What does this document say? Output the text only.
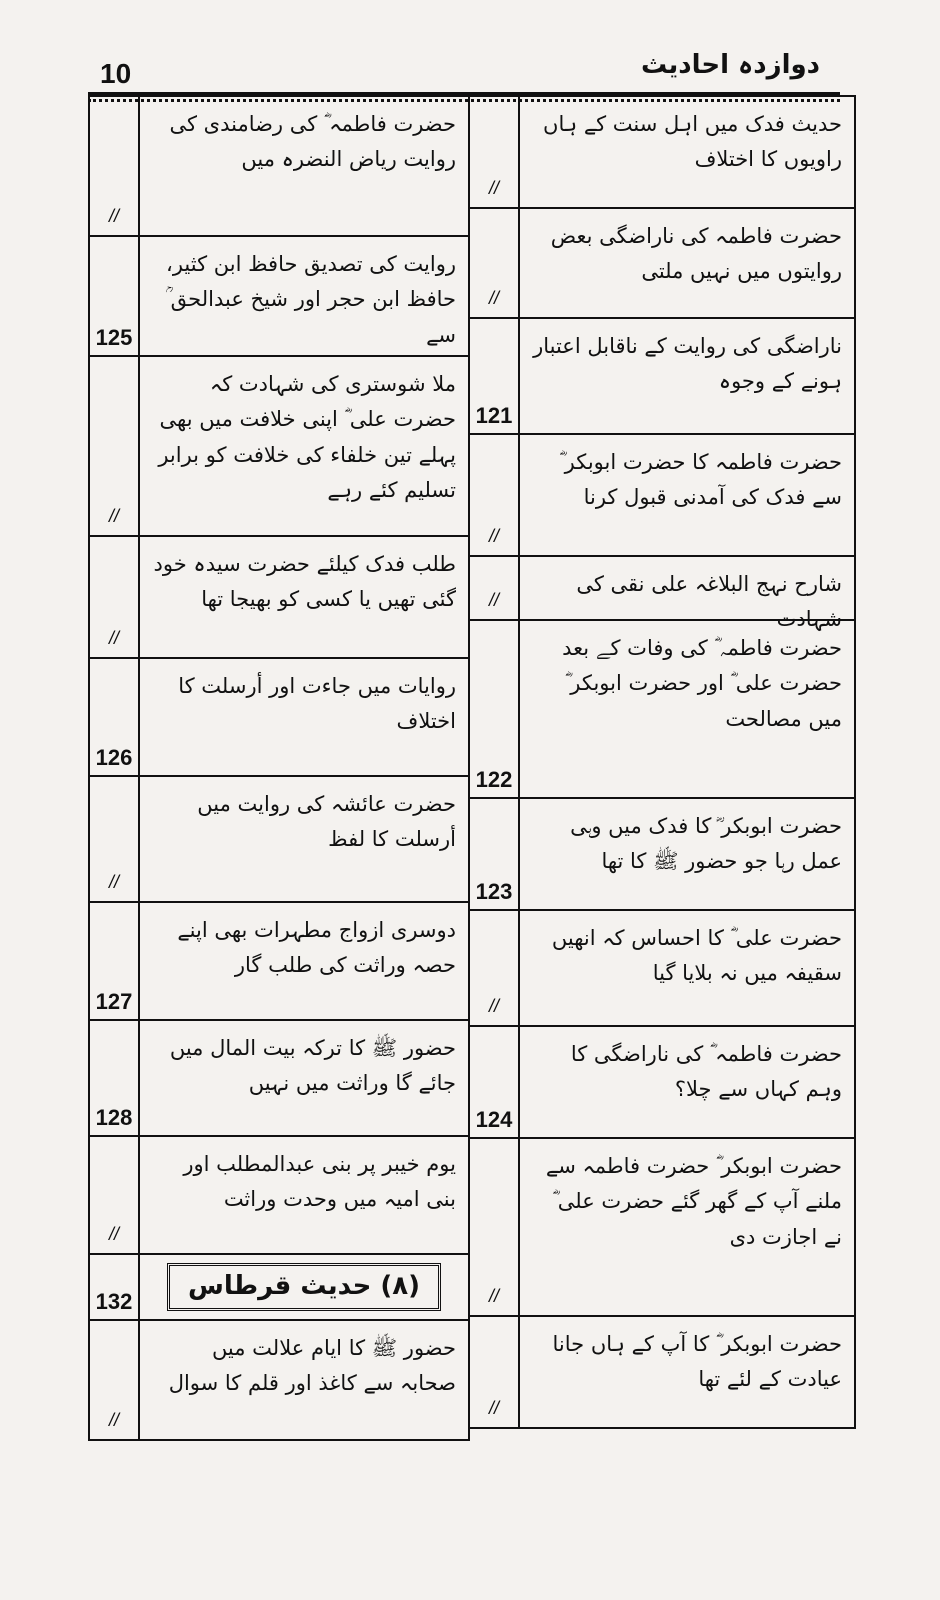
10	دوازدہ احادیث
//
حدیث فدک میں اہل سنت کے ہاں راویوں کا اختلاف
//
حضرت فاطمہ کی ناراضگی بعض روایتوں میں نہیں ملتی
121
ناراضگی کی روایت کے ناقابل اعتبار ہونے کے وجوہ
//
حضرت فاطمہ کا حضرت ابوبکر ؓ سے فدک کی آمدنی قبول کرنا
//
شارح نہج البلاغہ علی نقی کی شہادت
122
حضرت فاطمہ ؓ کی وفات کے بعد حضرت علی ؓ اور حضرت ابوبکر ؓ میں مصالحت
123
حضرت ابوبکر ؓ کا فدک میں وہی عمل رہا جو حضور ﷺ کا تھا
//
حضرت علی ؓ کا احساس کہ انھیں سقیفہ میں نہ بلایا گیا
124
حضرت فاطمہ ؓ کی ناراضگی کا وہم کہاں سے چلا؟
//
حضرت ابوبکر ؓ حضرت فاطمہ سے ملنے آپ کے گھر گئے حضرت علی ؓ نے اجازت دی
//
حضرت ابوبکر ؓ کا آپ کے ہاں جانا عیادت کے لئے تھا
//
حضرت فاطمہ ؓ کی رضامندی کی روایت ریاض النضرہ میں
125
روایت کی تصدیق حافظ ابن کثیر، حافظ ابن حجر اور شیخ عبدالحق ؒ سے
//
ملا شوستری کی شہادت کہ حضرت علی ؓ اپنی خلافت میں بھی پہلے تین خلفاء کی خلافت کو برابر تسلیم کئے رہے
//
طلب فدک کیلئے حضرت سیدہ خود گئی تھیں یا کسی کو بھیجا تھا
126
روایات میں جاءت اور أرسلت کا اختلاف
//
حضرت عائشہ کی روایت میں أرسلت کا لفظ
127
دوسری ازواج مطہرات بھی اپنے حصہ وراثت کی طلب گار
128
حضور ﷺ کا ترکہ بیت المال میں جائے گا وراثت میں نہیں
//
یوم خیبر پر بنی عبدالمطلب اور بنی امیہ میں وحدت وراثت
132
(۸) حدیث قرطاس
//
حضور ﷺ کا ایام علالت میں صحابہ سے کاغذ اور قلم کا سوال
